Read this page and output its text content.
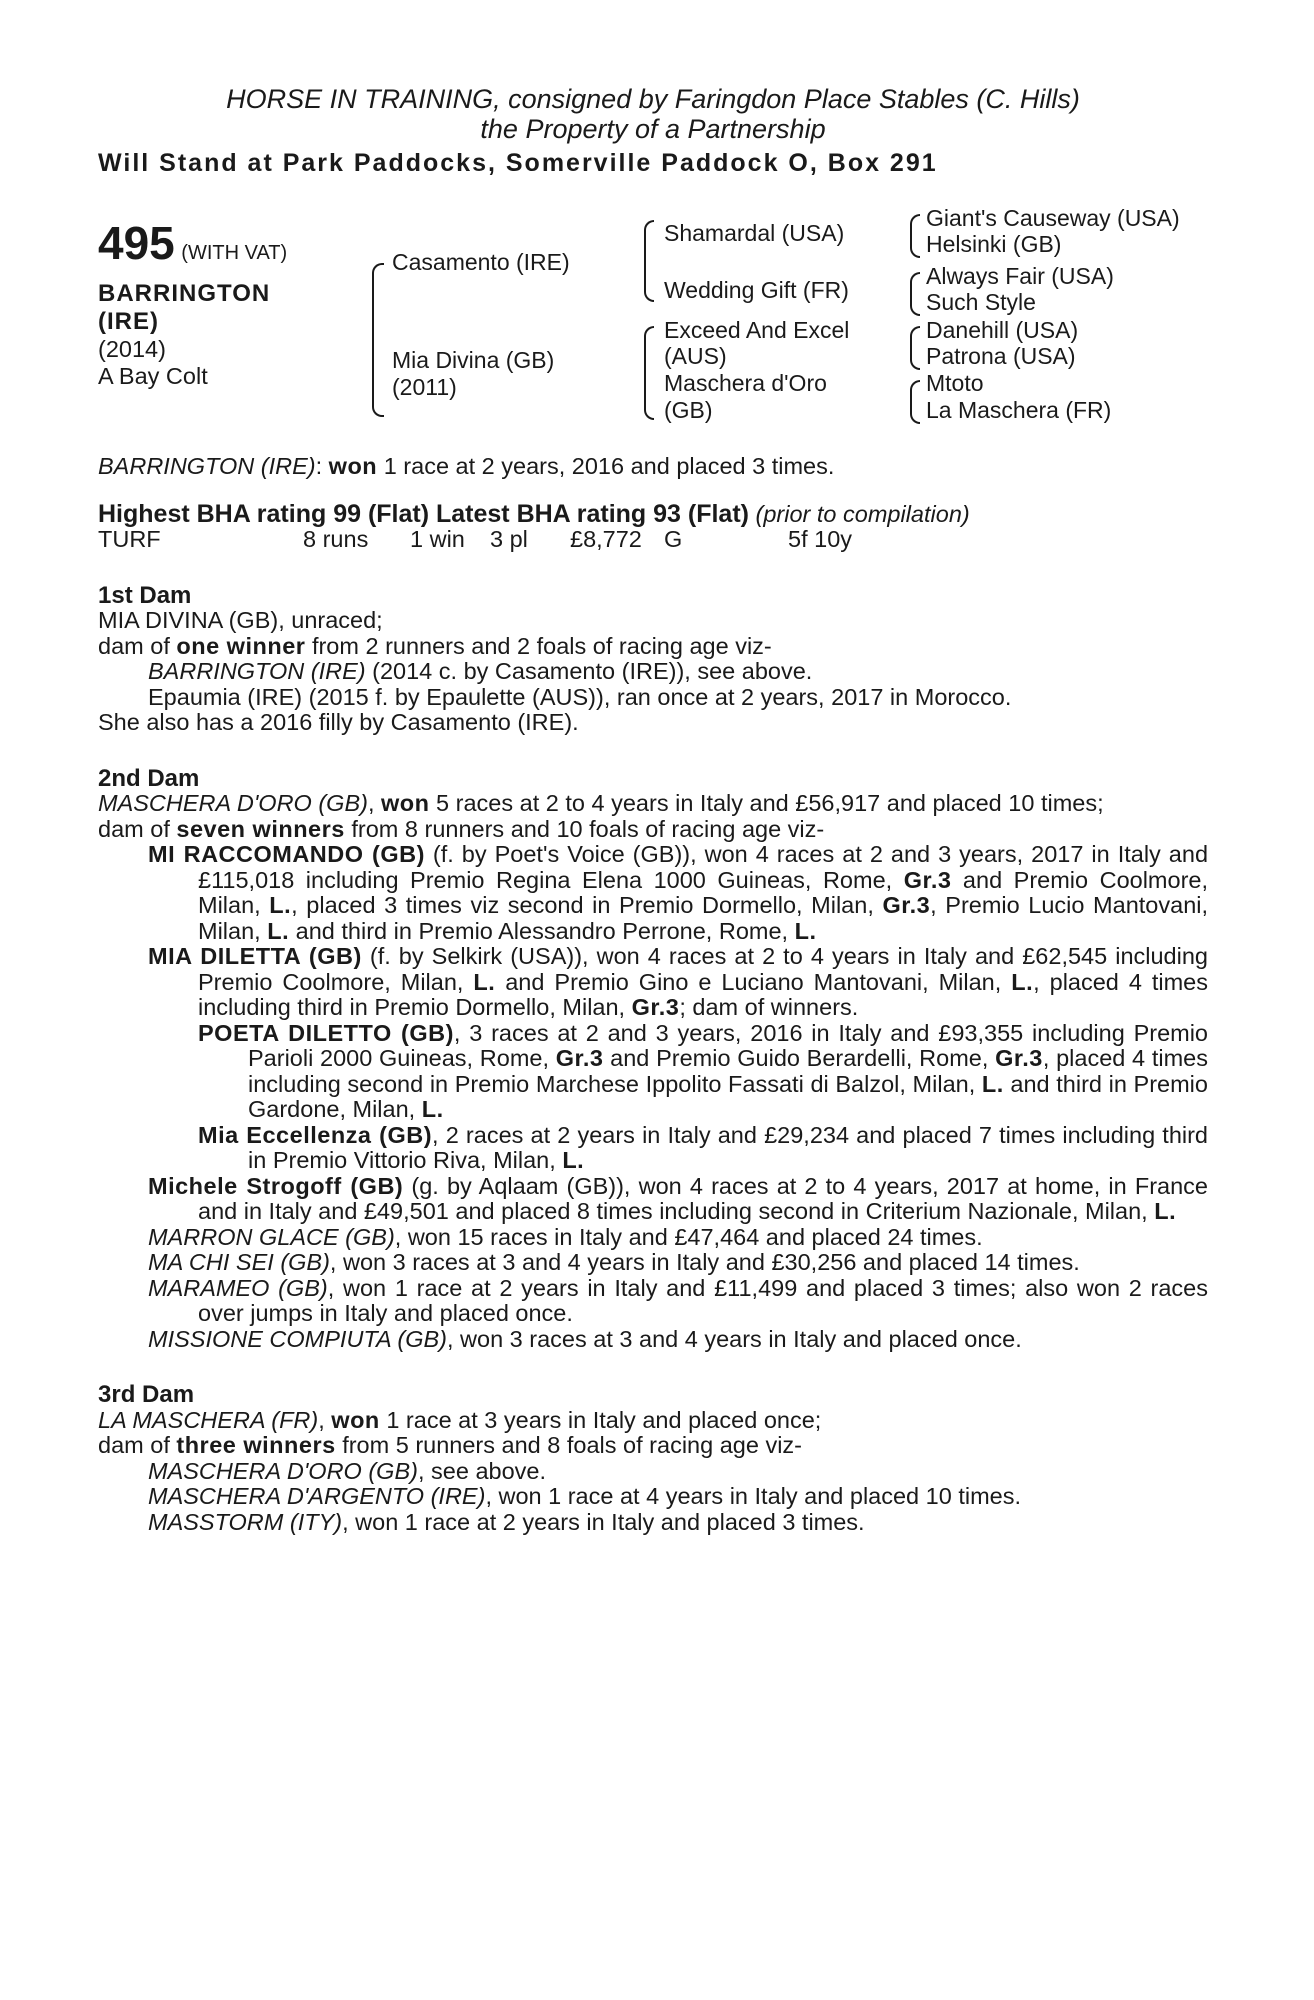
HORSE IN TRAINING, consigned by Faringdon Place Stables (C. Hills)
the Property of a Partnership
Will Stand at Park Paddocks, Somerville Paddock O, Box 291
495 (WITH VAT)
BARRINGTON
(IRE)
(2014)
A Bay Colt
Casamento (IRE)
Mia Divina (GB)
(2011)
Shamardal (USA)
Wedding Gift (FR)
Exceed And Excel
(AUS)
Maschera d'Oro
(GB)
Giant's Causeway (USA)
Helsinki (GB)
Always Fair (USA)
Such Style
Danehill (USA)
Patrona (USA)
Mtoto
La Maschera (FR)

BARRINGTON (IRE): won 1 race at 2 years, 2016 and placed 3 times.

Highest BHA rating 99 (Flat) Latest BHA rating 93 (Flat) (prior to compilation)

TURF	8 runs 1 win 3 pl £8,772 G	5f 10y

1st Dam

MIA DIVINA (GB), unraced;

dam of one winner from 2 runners and 2 foals of racing age viz-

BARRINGTON (IRE) (2014 c. by Casamento (IRE)), see above.

Epaumia (IRE) (2015 f. by Epaulette (AUS)), ran once at 2 years, 2017 in Morocco.

She also has a 2016 filly by Casamento (IRE).

2nd Dam

MASCHERA D'ORO (GB), won 5 races at 2 to 4 years in Italy and £56,917 and placed 10 times;

dam of seven winners from 8 runners and 10 foals of racing age viz-

MI RACCOMANDO (GB) (f. by Poet's Voice (GB)), won 4 races at 2 and 3 years, 2017 in Italy and £115,018 including Premio Regina Elena 1000 Guineas, Rome, Gr.3 and Premio Coolmore, Milan, L., placed 3 times viz second in Premio Dormello, Milan, Gr.3, Premio Lucio Mantovani, Milan, L. and third in Premio Alessandro Perrone, Rome, L.

MIA DILETTA (GB) (f. by Selkirk (USA)), won 4 races at 2 to 4 years in Italy and £62,545 including Premio Coolmore, Milan, L. and Premio Gino e Luciano Mantovani, Milan, L., placed 4 times including third in Premio Dormello, Milan, Gr.3; dam of winners.

POETA DILETTO (GB), 3 races at 2 and 3 years, 2016 in Italy and £93,355 including Premio Parioli 2000 Guineas, Rome, Gr.3 and Premio Guido Berardelli, Rome, Gr.3, placed 4 times including second in Premio Marchese Ippolito Fassati di Balzol, Milan, L. and third in Premio Gardone, Milan, L.

Mia Eccellenza (GB), 2 races at 2 years in Italy and £29,234 and placed 7 times including third in Premio Vittorio Riva, Milan, L.

Michele Strogoff (GB) (g. by Aqlaam (GB)), won 4 races at 2 to 4 years, 2017 at home, in France and in Italy and £49,501 and placed 8 times including second in Criterium Nazionale, Milan, L.

MARRON GLACE (GB), won 15 races in Italy and £47,464 and placed 24 times.

MA CHI SEI (GB), won 3 races at 3 and 4 years in Italy and £30,256 and placed 14 times.

MARAMEO (GB), won 1 race at 2 years in Italy and £11,499 and placed 3 times; also won 2 races over jumps in Italy and placed once.

MISSIONE COMPIUTA (GB), won 3 races at 3 and 4 years in Italy and placed once.

3rd Dam

LA MASCHERA (FR), won 1 race at 3 years in Italy and placed once;

dam of three winners from 5 runners and 8 foals of racing age viz-

MASCHERA D'ORO (GB), see above.

MASCHERA D'ARGENTO (IRE), won 1 race at 4 years in Italy and placed 10 times.

MASSTORM (ITY), won 1 race at 2 years in Italy and placed 3 times.
